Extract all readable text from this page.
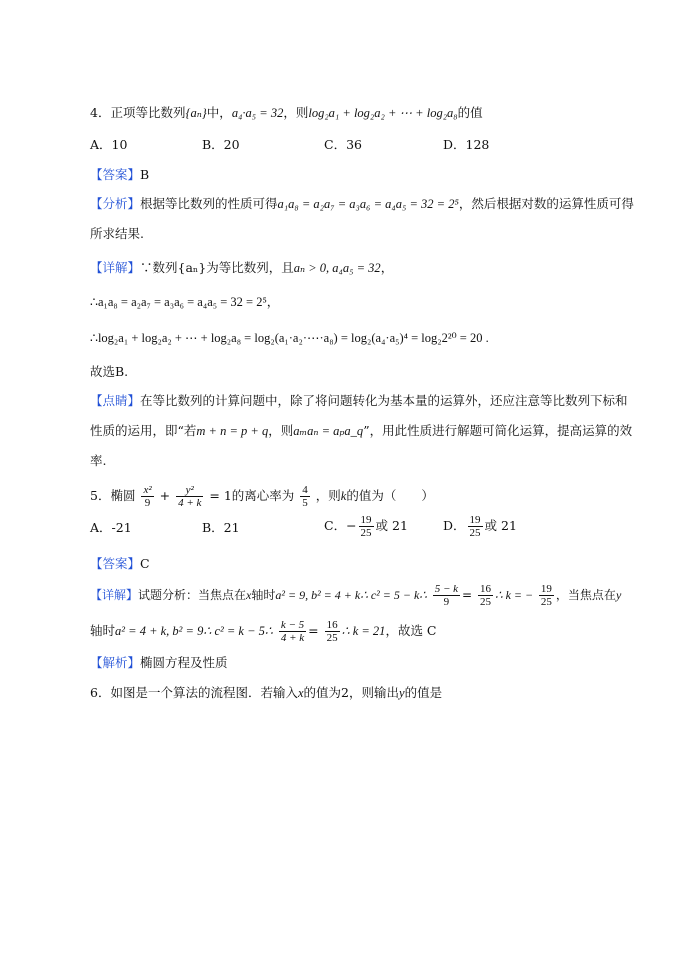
4．正项等比数列{aₙ}中，a₄·a₅ = 32，则log₂a₁ + log₂a₂ + ⋯ + log₂a₈的值
A．10	B．20	C．36	D．128
【答案】B
【分析】根据等比数列的性质可得a₁a₈ = a₂a₇ = a₃a₆ = a₄a₅ = 32 = 2⁵，然后根据对数的运算性质可得
所求结果.
【详解】∵数列{aₙ}为等比数列，且aₙ > 0, a₄a₅ = 32，
∴a₁a₈ = a₂a₇ = a₃a₆ = a₄a₅ = 32 = 2⁵，
∴log₂a₁ + log₂a₂ + ⋯ + log₂a₈ = log₂(a₁·a₂·⋯·a₈) = log₂(a₄·a₅)⁴ = log₂2²⁰ = 20 .
故选B.
【点睛】在等比数列的计算问题中，除了将问题转化为基本量的运算外，还应注意等比数列下标和
性质的运用，即“若m + n = p + q，则aₘaₙ = aₚa_q”，用此性质进行解题可简化运算，提高运算的效
率.
5．椭圆 $\frac{\text{x²}}{9} + \frac{\text{y²}}{4 + k} = 1$的离心率为 $\frac{4}{5}$ ，则k的值为（　　）
A．-21	B．21	C．− $\frac{19}{25}$ 或 21	D． $\frac{19}{25}$ 或 21
【答案】C
【详解】试题分析：当焦点在x轴时a² = 9, b² = 4 + k∴ c² = 5 − k∴ $\frac{5 - k}{9} = \frac{16}{25}$ ∴ k = − $\frac{19}{25}$ ，当焦点在y
轴时a² = 4 + k, b² = 9∴ c² = k − 5∴ $\frac{k - 5}{4 + k} = \frac{16}{25}$ ∴ k = 21，故选 C
【解析】椭圆方程及性质
6．如图是一个算法的流程图．若输入x的值为2，则输出y的值是
